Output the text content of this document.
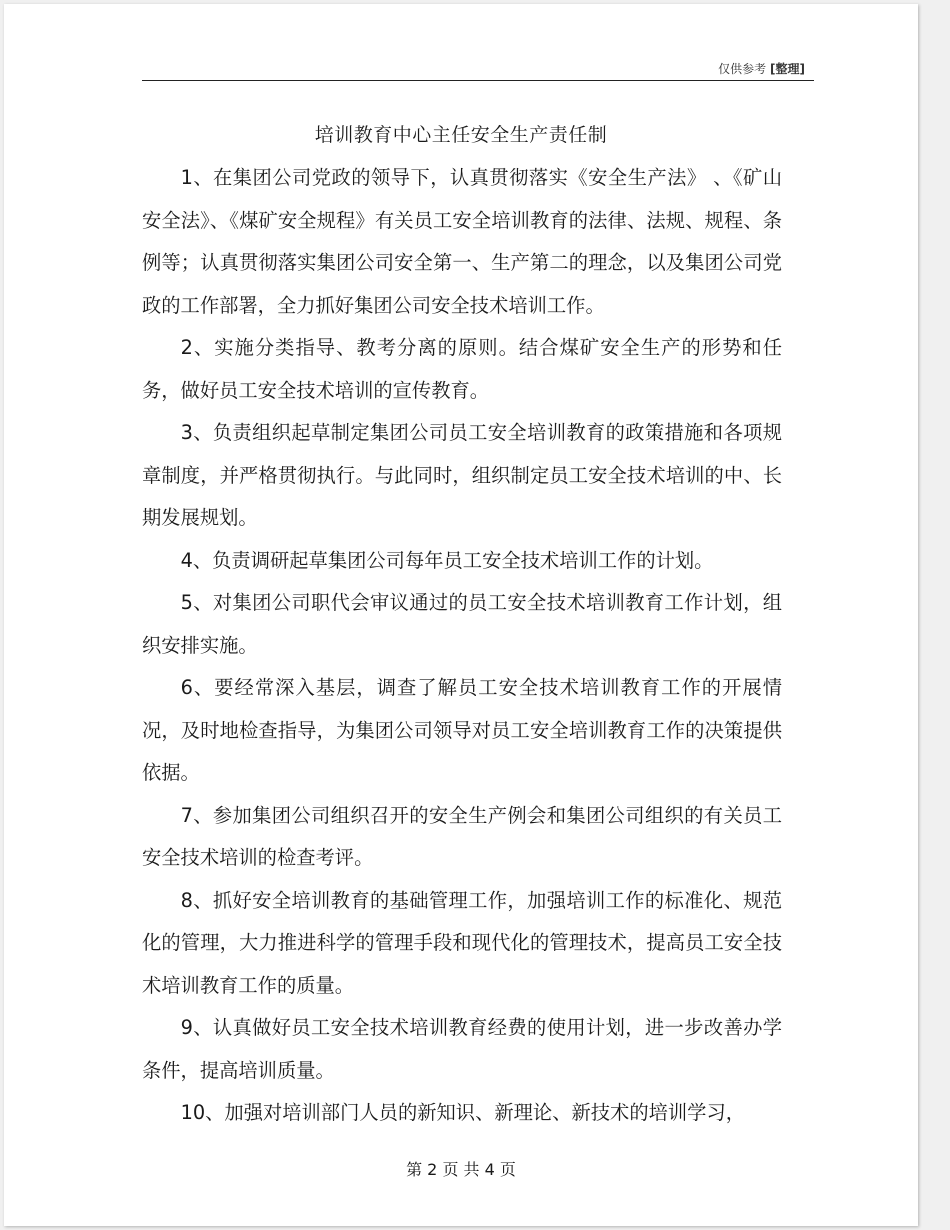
仅供参考 [整理]
培训教育中心主任安全生产责任制

1、在集团公司党政的领导下，认真贯彻落实《安全生产法》 、《矿山安全法》、《煤矿安全规程》有关员工安全培训教育的法律、法规、规程、条例等；认真贯彻落实集团公司安全第一、生产第二的理念，以及集团公司党政的工作部署，全力抓好集团公司安全技术培训工作。

2、实施分类指导、教考分离的原则。结合煤矿安全生产的形势和任务，做好员工安全技术培训的宣传教育。

3、负责组织起草制定集团公司员工安全培训教育的政策措施和各项规章制度，并严格贯彻执行。与此同时，组织制定员工安全技术培训的中、长期发展规划。

4、负责调研起草集团公司每年员工安全技术培训工作的计划。

5、对集团公司职代会审议通过的员工安全技术培训教育工作计划，组织安排实施。

6、要经常深入基层，调查了解员工安全技术培训教育工作的开展情况，及时地检查指导，为集团公司领导对员工安全培训教育工作的决策提供依据。

7、参加集团公司组织召开的安全生产例会和集团公司组织的有关员工安全技术培训的检查考评。

8、抓好安全培训教育的基础管理工作，加强培训工作的标准化、规范化的管理，大力推进科学的管理手段和现代化的管理技术，提高员工安全技术培训教育工作的质量。

9、认真做好员工安全技术培训教育经费的使用计划，进一步改善办学条件，提高培训质量。

10、加强对培训部门人员的新知识、新理论、新技术的培训学习，

第 2 页 共 4 页
